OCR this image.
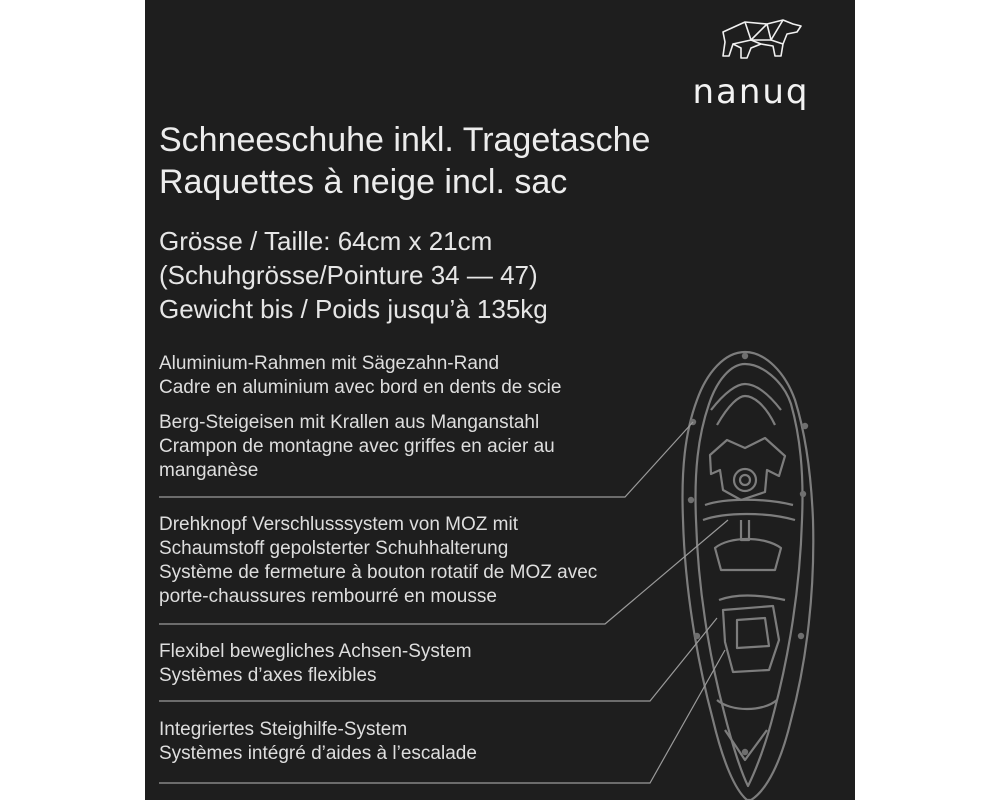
nanuq
Schneeschuhe inkl. Tragetasche
Raquettes à neige incl. sac
Grösse / Taille: 64cm x 21cm
(Schuhgrösse/Pointure 34 — 47)
Gewicht bis / Poids jusqu’à 135kg
Aluminium-Rahmen mit Sägezahn-Rand
Cadre en aluminium avec bord en dents de scie
Berg-Steigeisen mit Krallen aus Manganstahl
Crampon de montagne avec griffes en acier au
manganèse
Drehknopf Verschlusssystem von MOZ mit
Schaumstoff gepolsterter Schuhhalterung
Système de fermeture à bouton rotatif de MOZ avec
porte-chaussures rembourré en mousse
Flexibel bewegliches Achsen-System
Systèmes d’axes flexibles
Integriertes Steighilfe-System
Systèmes intégré d’aides à l’escalade
